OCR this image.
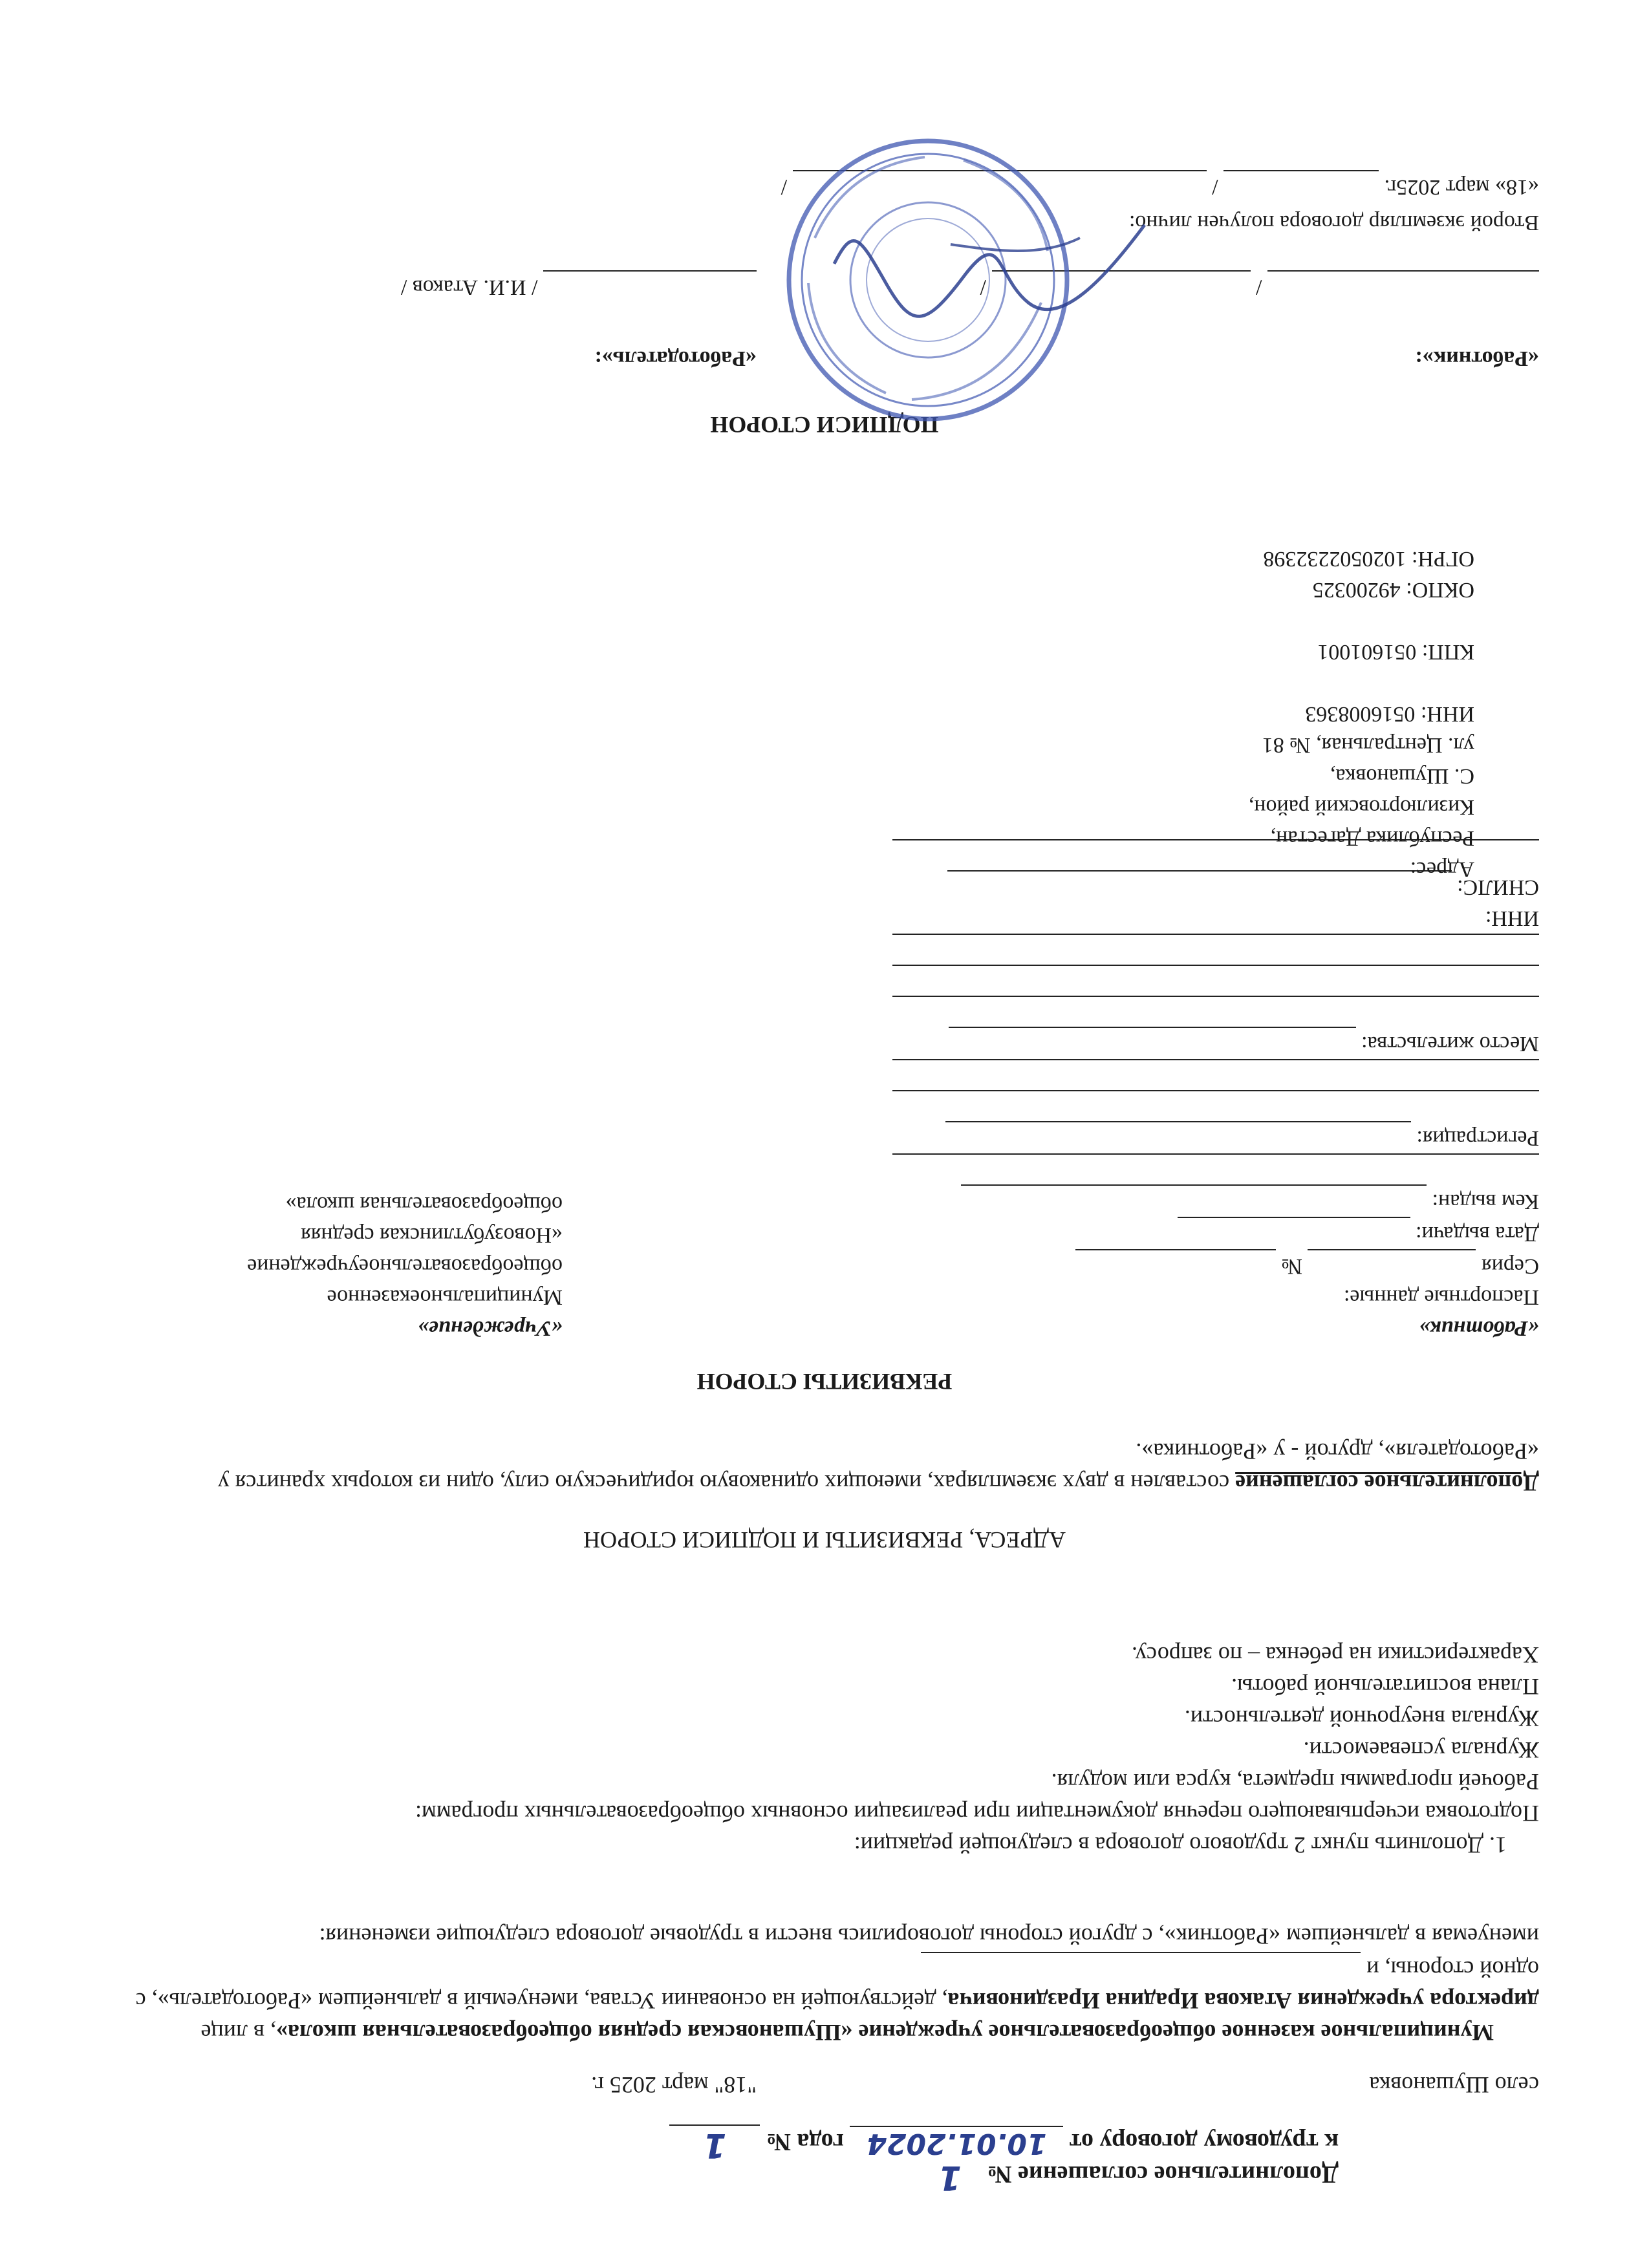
Дополнительное соглашение № 1
к трудовому договору от 10.01.2024 года № 1
село Шушановка
"18" март 2025 г.

Муниципальное казенное общеобразовательное учреждение «Шушановская средняя общеобразовательная школа», в лице директора учреждения Атакова Ирадина Ираздиновича, действующей на основании Устава, именуемый в дальнейшем «Работодатель», с одной стороны, и

именуемая в дальнейшем «Работник», с другой стороны договорились внести в трудовые договора следующие изменения:

1. Дополнить пункт 2 трудового договора в следующей редакции:

Подготовка исчерпывающего перечня документации при реализации основных общеобразовательных программ:

Рабочей программы предмета, курса или модуля.

Журнала успеваемости.

Журнала внеурочной деятельности.

Плана воспитательной работы.

Характеристики на ребенка – по запросу.

АДРЕСА, РЕКВИЗИТЫ И ПОДПИСИ СТОРОН

Дополнительное соглашение составлен в двух экземплярах, имеющих одинаковую юридическую силу, один из которых хранится у «Работодателя», другой - у «Работника».

РЕКВИЗИТЫ СТОРОН
«Работник»
Паспортные данные:
Серия   №
Дата выдачи:
Кем выдан:
Регистрация:
Место жительства:
ИНН:
СНИЛС:
«Учреждение»
Муниципальноеказенное
общеобразовательноеучреждение
«Новозубутлинская средняя
общеобразовательная школа»
Адрес:
Республика Дагестан,
Кизилюртовский район,
С. Шушановка,
ул. Центральная, № 81
ИНН: 0516008363
КПП: 051601001
ОКПО: 49200325
ОГРН: 1020502232398
ПОДПИСИ СТОРОН
«Работник»:
«Работодатель»:
/ И.И. Атаков /	/   /
Второй экземпляр договора получен лично:
«18» март 2025г.   /   /
